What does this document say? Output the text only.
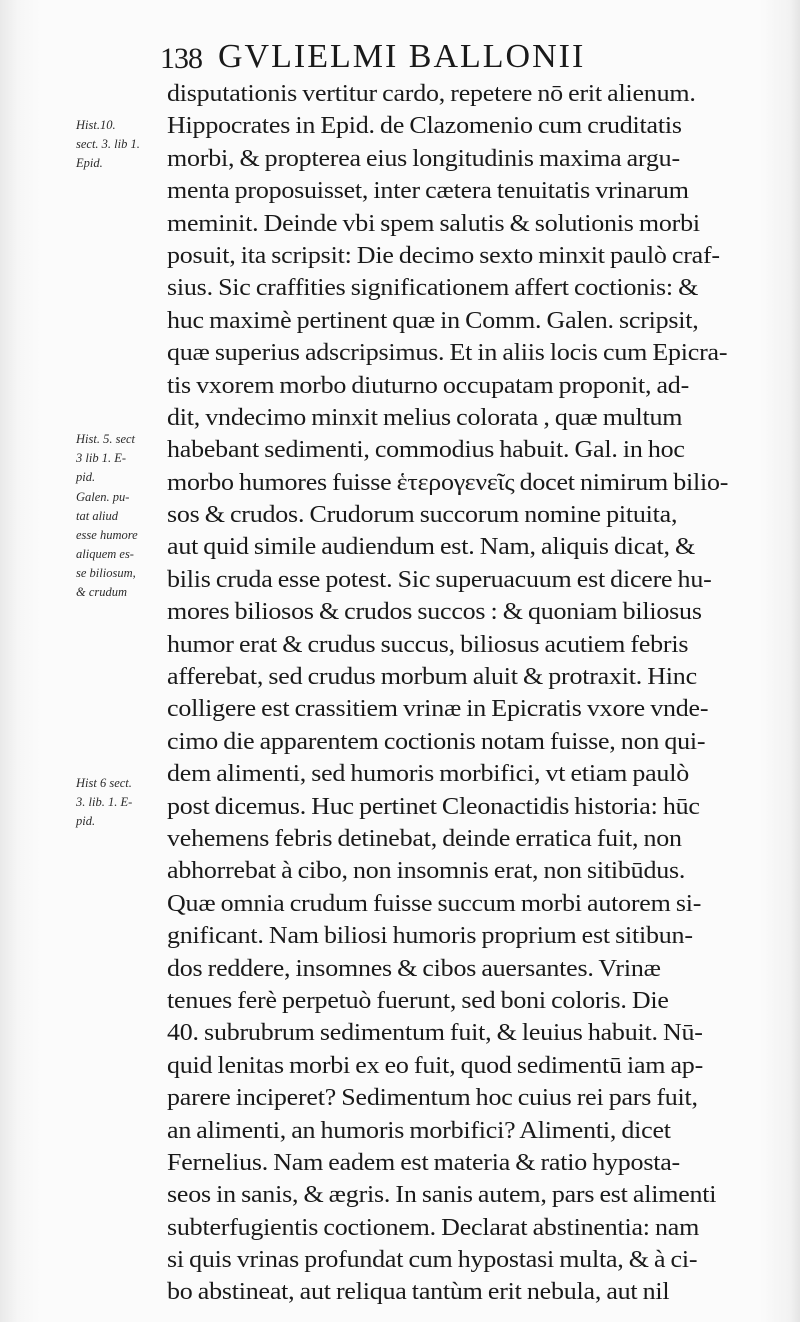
138 GVLIELMI BALLONII
Hist.10.
sect. 3. lib 1.
Epid.
Hist. 5. sect
3 lib 1. E-
pid.
Galen. pu-
tat aliud
esse humore
aliquem es-
se biliosum,
& crudum
Hist 6 sect.
3. lib. 1. E-
pid.
disputationis vertitur cardo, repetere nō erit alienum.
Hippocrates in Epid. de Clazomenio cum cruditatis
morbi, & propterea eius longitudinis maxima argu-
menta proposuisset, inter cætera tenuitatis vrinarum
meminit. Deinde vbi spem salutis & solutionis morbi
posuit, ita scripsit: Die decimo sexto minxit paulò craf-
sius. Sic craffities significationem affert coctionis: &
huc maximè pertinent quæ in Comm. Galen. scripsit,
quæ superius adscripsimus. Et in aliis locis cum Epicra-
tis vxorem morbo diuturno occupatam proponit, ad-
dit, vndecimo minxit melius colorata , quæ multum
habebant sedimenti, commodius habuit. Gal. in hoc
morbo humores fuisse ἑτερογενεῖς docet nimirum bilio-
sos & crudos. Crudorum succorum nomine pituita,
aut quid simile audiendum est. Nam, aliquis dicat, &
bilis cruda esse potest. Sic superuacuum est dicere hu-
mores biliosos & crudos succos : & quoniam biliosus
humor erat & crudus succus, biliosus acutiem febris
afferebat, sed crudus morbum aluit & protraxit. Hinc
colligere est crassitiem vrinæ in Epicratis vxore vnde-
cimo die apparentem coctionis notam fuisse, non qui-
dem alimenti, sed humoris morbifici, vt etiam paulò
post dicemus. Huc pertinet Cleonactidis historia: hūc
vehemens febris detinebat, deinde erratica fuit, non
abhorrebat à cibo, non insomnis erat, non sitibūdus.
Quæ omnia crudum fuisse succum morbi autorem si-
gnificant. Nam biliosi humoris proprium est sitibun-
dos reddere, insomnes & cibos auersantes. Vrinæ
tenues ferè perpetuò fuerunt, sed boni coloris. Die
40. subrubrum sedimentum fuit, & leuius habuit. Nū-
quid lenitas morbi ex eo fuit, quod sedimentū iam ap-
parere inciperet? Sedimentum hoc cuius rei pars fuit,
an alimenti, an humoris morbifici? Alimenti, dicet
Fernelius. Nam eadem est materia & ratio hyposta-
seos in sanis, & ægris. In sanis autem, pars est alimenti
subterfugientis coctionem. Declarat abstinentia: nam
si quis vrinas profundat cum hypostasi multa, & à ci-
bo abstineat, aut reliqua tantùm erit nebula, aut nil
